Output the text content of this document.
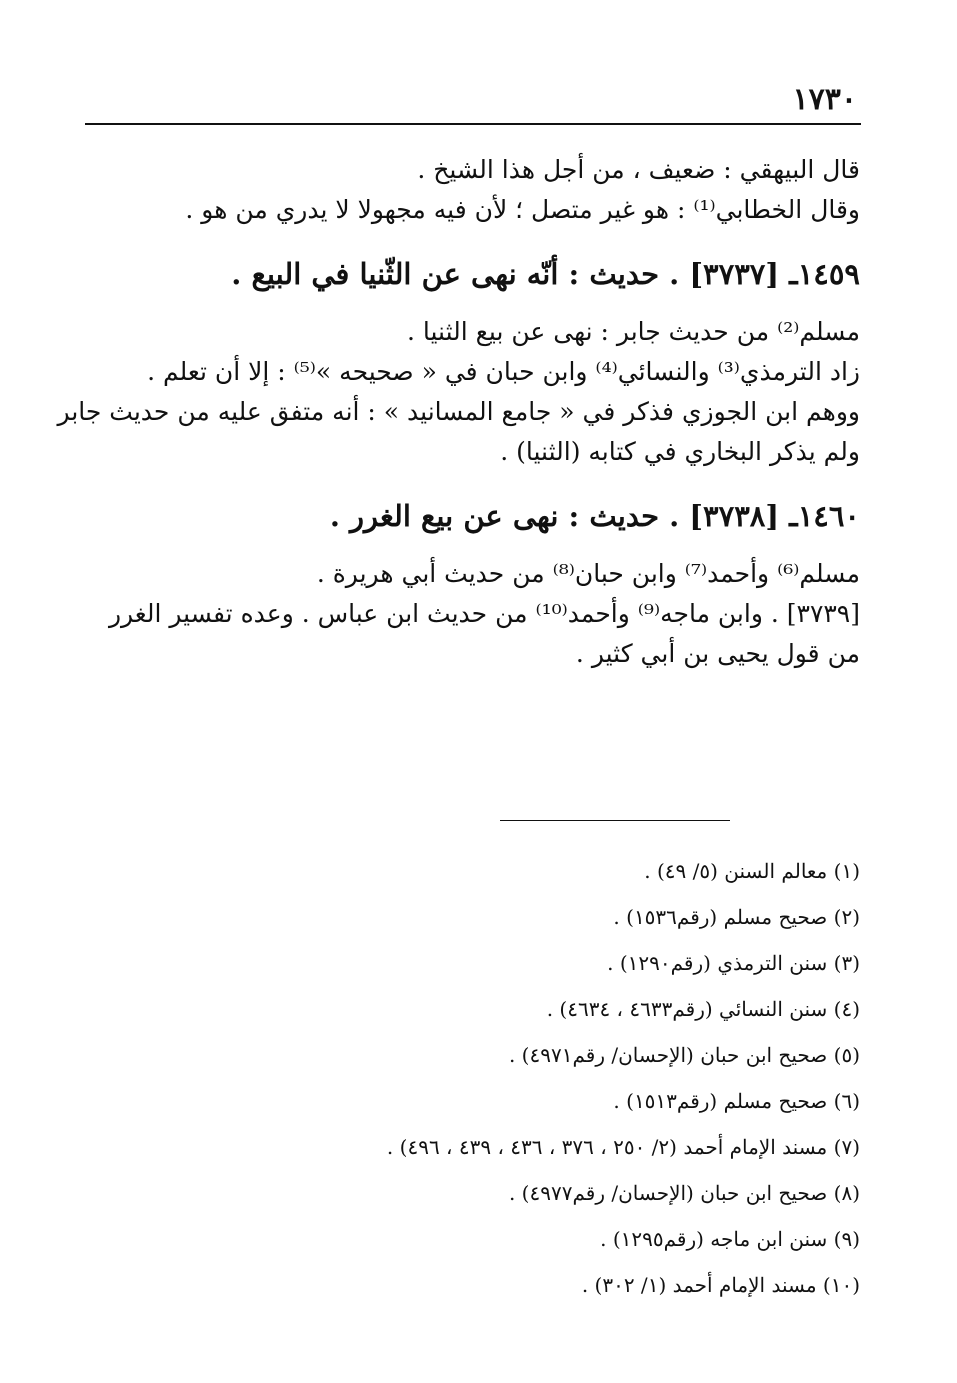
١٧٣٠
قال البيهقي : ضعيف ، من أجل هذا الشيخ .
وقال الخطابي⁽¹⁾ : هو غير متصل ؛ لأن فيه مجهولا لا يدري من هو .
١٤٥٩ـ [٣٧٣٧] . حديث : أنّه نهى عن الثّنيا في البيع .
مسلم⁽²⁾ من حديث جابر : نهى عن بيع الثنيا .
زاد الترمذي⁽³⁾ والنسائي⁽⁴⁾ وابن حبان في « صحيحه »⁽⁵⁾ : إلا أن تعلم .
ووهم ابن الجوزي فذكر في « جامع المسانيد » : أنه متفق عليه من حديث جابر
ولم يذكر البخاري في كتابه (الثنيا) .
١٤٦٠ـ [٣٧٣٨] . حديث : نهى عن بيع الغرر .
مسلم⁽⁶⁾ وأحمد⁽⁷⁾ وابن حبان⁽⁸⁾ من حديث أبي هريرة .
[٣٧٣٩] . وابن ماجه⁽⁹⁾ وأحمد⁽¹⁰⁾ من حديث ابن عباس . وعده تفسير الغرر
من قول يحيى بن أبي كثير .
(١) معالم السنن (٥/ ٤٩) .
(٢) صحيح مسلم (رقم١٥٣٦) .
(٣) سنن الترمذي (رقم١٢٩٠) .
(٤) سنن النسائي (رقم٤٦٣٣ ، ٤٦٣٤) .
(٥) صحيح ابن حبان (الإحسان/ رقم٤٩٧١) .
(٦) صحيح مسلم (رقم١٥١٣) .
(٧) مسند الإمام أحمد (٢/ ٢٥٠ ، ٣٧٦ ، ٤٣٦ ، ٤٣٩ ، ٤٩٦) .
(٨) صحيح ابن حبان (الإحسان/ رقم٤٩٧٧) .
(٩) سنن ابن ماجه (رقم١٢٩٥) .
(١٠) مسند الإمام أحمد (١/ ٣٠٢) .
